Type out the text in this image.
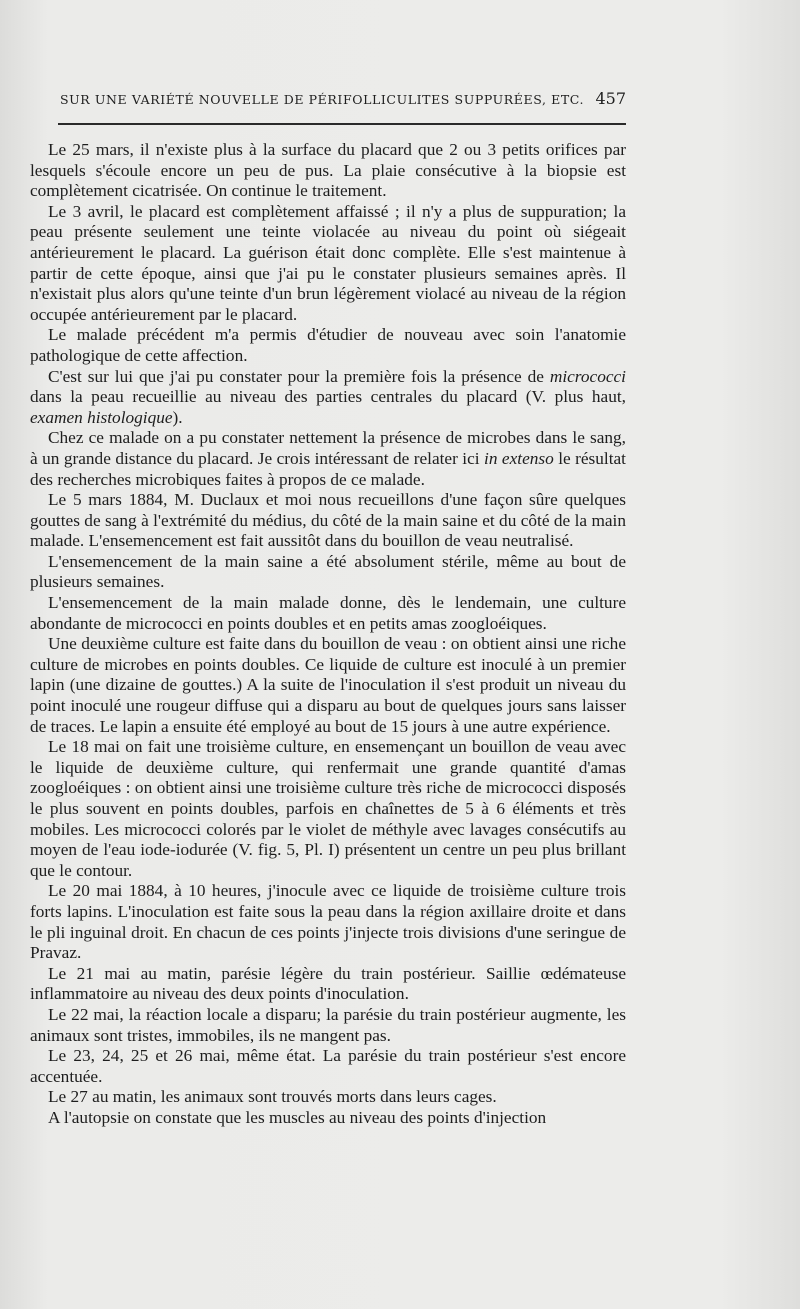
SUR UNE VARIÉTÉ NOUVELLE DE PÉRIFOLLICULITES SUPPURÉES, ETC. 457

Le 25 mars, il n'existe plus à la surface du placard que 2 ou 3 petits orifices par lesquels s'écoule encore un peu de pus. La plaie consécutive à la biopsie est complètement cicatrisée. On continue le traitement.

Le 3 avril, le placard est complètement affaissé ; il n'y a plus de suppuration; la peau présente seulement une teinte violacée au niveau du point où siégeait antérieurement le placard. La guérison était donc complète. Elle s'est maintenue à partir de cette époque, ainsi que j'ai pu le constater plusieurs semaines après. Il n'existait plus alors qu'une teinte d'un brun légèrement violacé au niveau de la région occupée antérieurement par le placard.

Le malade précédent m'a permis d'étudier de nouveau avec soin l'anatomie pathologique de cette affection.

C'est sur lui que j'ai pu constater pour la première fois la présence de micrococci dans la peau recueillie au niveau des parties centrales du placard (V. plus haut, examen histologique).

Chez ce malade on a pu constater nettement la présence de microbes dans le sang, à un grande distance du placard. Je crois intéressant de relater ici in extenso le résultat des recherches microbiques faites à propos de ce malade.

Le 5 mars 1884, M. Duclaux et moi nous recueillons d'une façon sûre quelques gouttes de sang à l'extrémité du médius, du côté de la main saine et du côté de la main malade. L'ensemencement est fait aussitôt dans du bouillon de veau neutralisé.

L'ensemencement de la main saine a été absolument stérile, même au bout de plusieurs semaines.

L'ensemencement de la main malade donne, dès le lendemain, une culture abondante de micrococci en points doubles et en petits amas zoogloéiques.

Une deuxième culture est faite dans du bouillon de veau : on obtient ainsi une riche culture de microbes en points doubles. Ce liquide de culture est inoculé à un premier lapin (une dizaine de gouttes.) A la suite de l'inoculation il s'est produit un niveau du point inoculé une rougeur diffuse qui a disparu au bout de quelques jours sans laisser de traces. Le lapin a ensuite été employé au bout de 15 jours à une autre expérience.

Le 18 mai on fait une troisième culture, en ensemençant un bouillon de veau avec le liquide de deuxième culture, qui renfermait une grande quantité d'amas zoogloéiques : on obtient ainsi une troisième culture très riche de micrococci disposés le plus souvent en points doubles, parfois en chaînettes de 5 à 6 éléments et très mobiles. Les micrococci colorés par le violet de méthyle avec lavages consécutifs au moyen de l'eau iode-iodurée (V. fig. 5, Pl. I) présentent un centre un peu plus brillant que le contour.

Le 20 mai 1884, à 10 heures, j'inocule avec ce liquide de troisième culture trois forts lapins. L'inoculation est faite sous la peau dans la région axillaire droite et dans le pli inguinal droit. En chacun de ces points j'injecte trois divisions d'une seringue de Pravaz.

Le 21 mai au matin, parésie légère du train postérieur. Saillie œdémateuse inflammatoire au niveau des deux points d'inoculation.

Le 22 mai, la réaction locale a disparu; la parésie du train postérieur augmente, les animaux sont tristes, immobiles, ils ne mangent pas.

Le 23, 24, 25 et 26 mai, même état. La parésie du train postérieur s'est encore accentuée.

Le 27 au matin, les animaux sont trouvés morts dans leurs cages.

A l'autopsie on constate que les muscles au niveau des points d'injection
